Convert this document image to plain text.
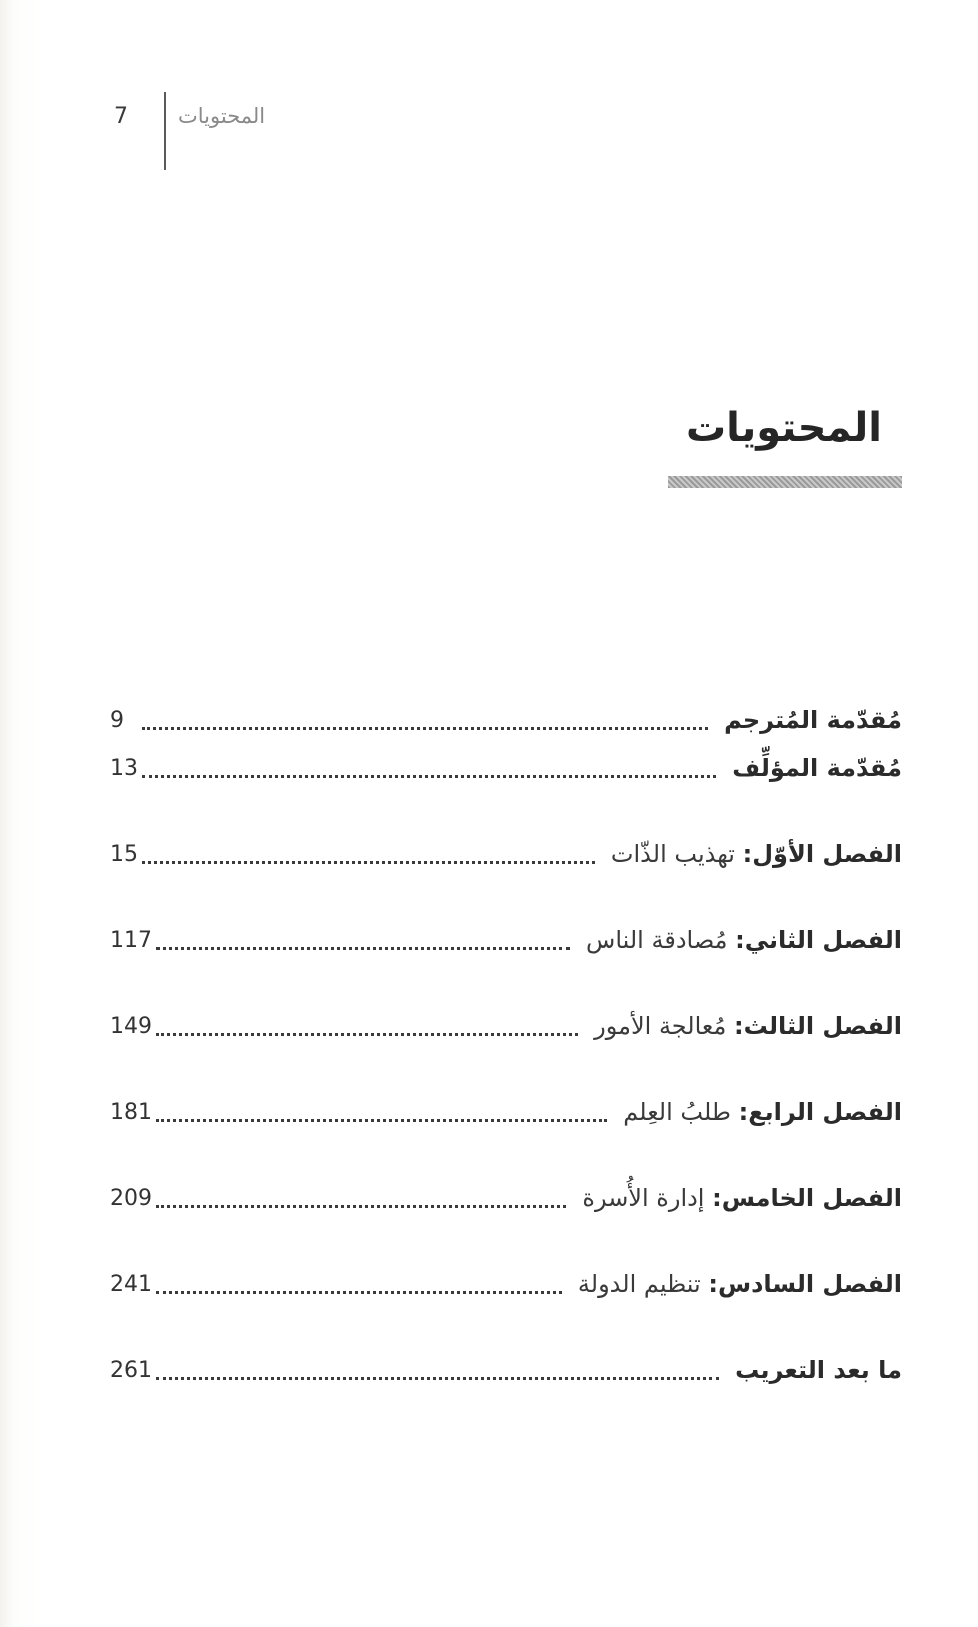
7 المحتويات
المحتويات
مُقدّمة المُترجم
9
مُقدّمة المؤلِّف
13
الفصل الأوّل: تهذيب الذّات
15
الفصل الثاني: مُصادقة الناس
117
الفصل الثالث: مُعالجة الأمور
149
الفصل الرابع: طلبُ العِلم
181
الفصل الخامس: إدارة الأُسرة
209
الفصل السادس: تنظيم الدولة
241
ما بعد التعريب
261
